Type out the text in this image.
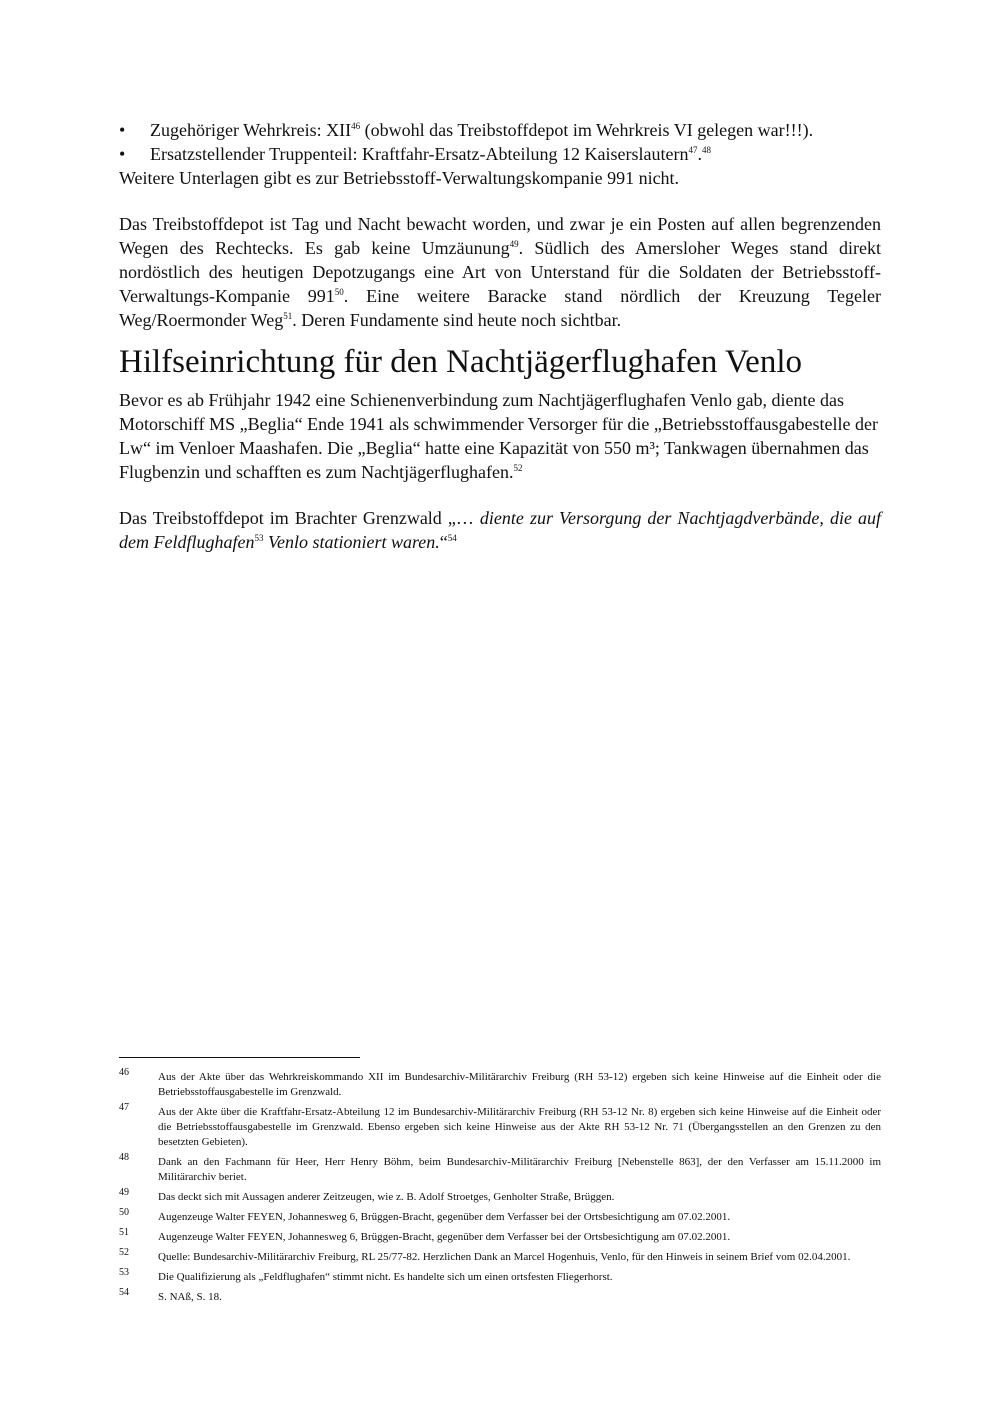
• Zugehöriger Wehrkreis: XII$^{46}$ (obwohl das Treibstoffdepot im Wehrkreis VI gelegen war!!!).
• Ersatzstellender Truppenteil: Kraftfahr-Ersatz-Abteilung 12 Kaiserslautern$^{47}$.$^{48}$

Weitere Unterlagen gibt es zur Betriebsstoff-Verwaltungskompanie 991 nicht.

Das Treibstoffdepot ist Tag und Nacht bewacht worden, und zwar je ein Posten auf allen begrenzenden Wegen des Rechtecks. Es gab keine Umzäunung$^{49}$. Südlich des Amersloher Weges stand direkt nordöstlich des heutigen Depotzugangs eine Art von Unterstand für die Soldaten der Betriebsstoff-Verwaltungs-Kompanie $991^{50}$. Eine weitere Baracke stand nördlich der Kreuzung Tegeler Weg/Roermonder Weg$^{51}$. Deren Fundamente sind heute noch sichtbar.

Hilfseinrichtung für den Nachtjägerflughafen Venlo

Bevor es ab Frühjahr 1942 eine Schienenverbindung zum Nachtjägerflughafen Venlo gab, diente das Motorschiff MS „Beglia“ Ende 1941 als schwimmender Versorger für die „Betriebsstoffausgabestelle der Lw“ im Venloer Maashafen. Die „Beglia“ hatte eine Kapazität von 550 m³; Tankwagen übernahmen das Flugbenzin und schafften es zum Nachtjägerflughafen.$^{52}$

Das Treibstoffdepot im Brachter Grenzwald „… diente zur Versorgung der Nachtjagdverbände, die auf dem Feldflughafen$^{53}$ Venlo stationiert waren.“$^{54}$

46	Aus der Akte über das Wehrkreiskommando XII im Bundesarchiv-Militärarchiv Freiburg (RH 53-12) ergeben sich keine Hinweise auf die Einheit oder die Betriebsstoffausgabestelle im Grenzwald.
47	Aus der Akte über die Kraftfahr-Ersatz-Abteilung 12 im Bundesarchiv-Militärarchiv Freiburg (RH 53-12 Nr. 8) ergeben sich keine Hinweise auf die Einheit oder die Betriebsstoffausgabestelle im Grenzwald. Ebenso ergeben sich keine Hinweise aus der Akte RH 53-12 Nr. 71 (Übergangsstellen an den Grenzen zu den besetzten Gebieten).
48	Dank an den Fachmann für Heer, Herr Henry Böhm, beim Bundesarchiv-Militärarchiv Freiburg [Nebenstelle 863], der den Verfasser am 15.11.2000 im Militärarchiv beriet.
49	Das deckt sich mit Aussagen anderer Zeitzeugen, wie z. B. Adolf Stroetges, Genholter Straße, Brüggen.
50	Augenzeuge Walter FEYEN, Johannesweg 6, Brüggen-Bracht, gegenüber dem Verfasser bei der Ortsbesichtigung am 07.02.2001.
51	Augenzeuge Walter FEYEN, Johannesweg 6, Brüggen-Bracht, gegenüber dem Verfasser bei der Ortsbesichtigung am 07.02.2001.
52	Quelle: Bundesarchiv-Militärarchiv Freiburg, RL 25/77-82. Herzlichen Dank an Marcel Hogenhuis, Venlo, für den Hinweis in seinem Brief vom 02.04.2001.
53	Die Qualifizierung als „Feldflughafen“ stimmt nicht. Es handelte sich um einen ortsfesten Fliegerhorst.
54	S. NAß, S. 18.
